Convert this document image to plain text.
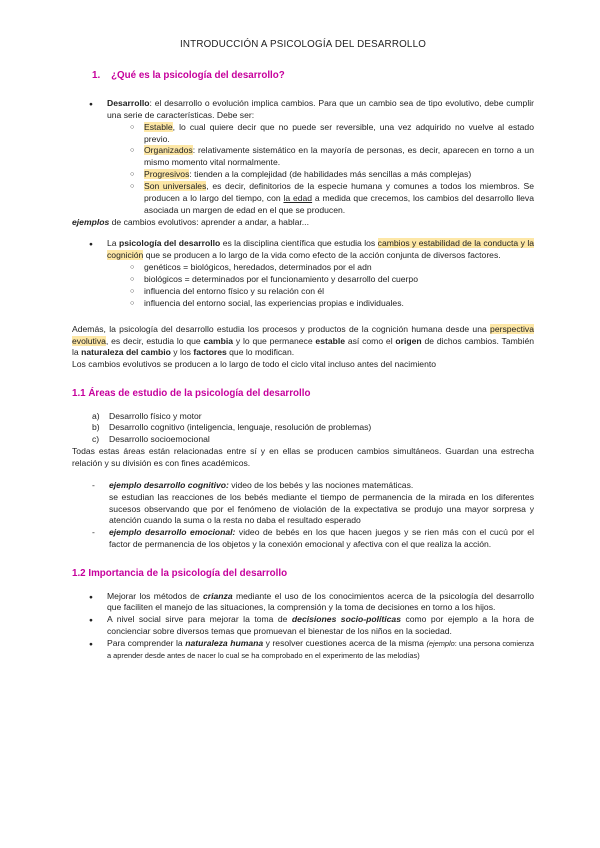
INTRODUCCIÓN A PSICOLOGÍA DEL DESARROLLO
1. ¿Qué es la psicología del desarrollo?
● Desarrollo: el desarrollo o evolución implica cambios. Para que un cambio sea de tipo evolutivo, debe cumplir una serie de características. Debe ser:
○ Estable, lo cual quiere decir que no puede ser reversible, una vez adquirido no vuelve al estado previo.
○ Organizados: relativamente sistemático en la mayoría de personas, es decir, aparecen en torno a un mismo momento vital normalmente.
○ Progresivos: tienden a la complejidad (de habilidades más sencillas a más complejas)
○ Son universales, es decir, definitorios de la especie humana y comunes a todos los miembros. Se producen a lo largo del tiempo, con la edad a medida que crecemos, los cambios del desarrollo lleva asociada un margen de edad en el que se producen.

ejemplos de cambios evolutivos: aprender a andar, a hablar...

● La psicología del desarrollo es la disciplina científica que estudia los cambios y estabilidad de la conducta y la cognición que se producen a lo largo de la vida como efecto de la acción conjunta de diversos factores.
○ genéticos = biológicos, heredados, determinados por el adn
○ biológicos = determinados por el funcionamiento y desarrollo del cuerpo
○ influencia del entorno físico y su relación con él
○ influencia del entorno social, las experiencias propias e individuales.

Además, la psicología del desarrollo estudia los procesos y productos de la cognición humana desde una perspectiva evolutiva, es decir, estudia lo que cambia y lo que permanece estable así como el origen de dichos cambios. También la naturaleza del cambio y los factores que lo modifican.

Los cambios evolutivos se producen a lo largo de todo el ciclo vital incluso antes del nacimiento

1.1 Áreas de estudio de la psicología del desarrollo
a) Desarrollo físico y motor
b) Desarrollo cognitivo (inteligencia, lenguaje, resolución de problemas)
c) Desarrollo socioemocional

Todas estas áreas están relacionadas entre sí y en ellas se producen cambios simultáneos. Guardan una estrecha relación y su división es con fines académicos.

- ejemplo desarrollo cognitivo: video de los bebés y las nociones matemáticas.

se estudian las reacciones de los bebés mediante el tiempo de permanencia de la mirada en los diferentes sucesos observando que por el fenómeno de violación de la expectativa se produjo una mayor sorpresa y atención cuando la suma o la resta no daba el resultado esperado

- ejemplo desarrollo emocional: video de bebés en los que hacen juegos y se rien más con el cucú por el factor de permanencia de los objetos y la conexión emocional y afectiva con el que realiza la acción.
1.2 Importancia de la psicología del desarrollo
● Mejorar los métodos de crianza mediante el uso de los conocimientos acerca de la psicología del desarrollo que faciliten el manejo de las situaciones, la comprensión y la toma de decisiones en torno a los hijos.
● A nivel social sirve para mejorar la toma de decisiones socio-políticas como por ejemplo a la hora de concienciar sobre diversos temas que promuevan el bienestar de los niños en la sociedad.
● Para comprender la naturaleza humana y resolver cuestiones acerca de la misma (ejemplo: una persona comienza a aprender desde antes de nacer lo cual se ha comprobado en el experimento de las melodías)
